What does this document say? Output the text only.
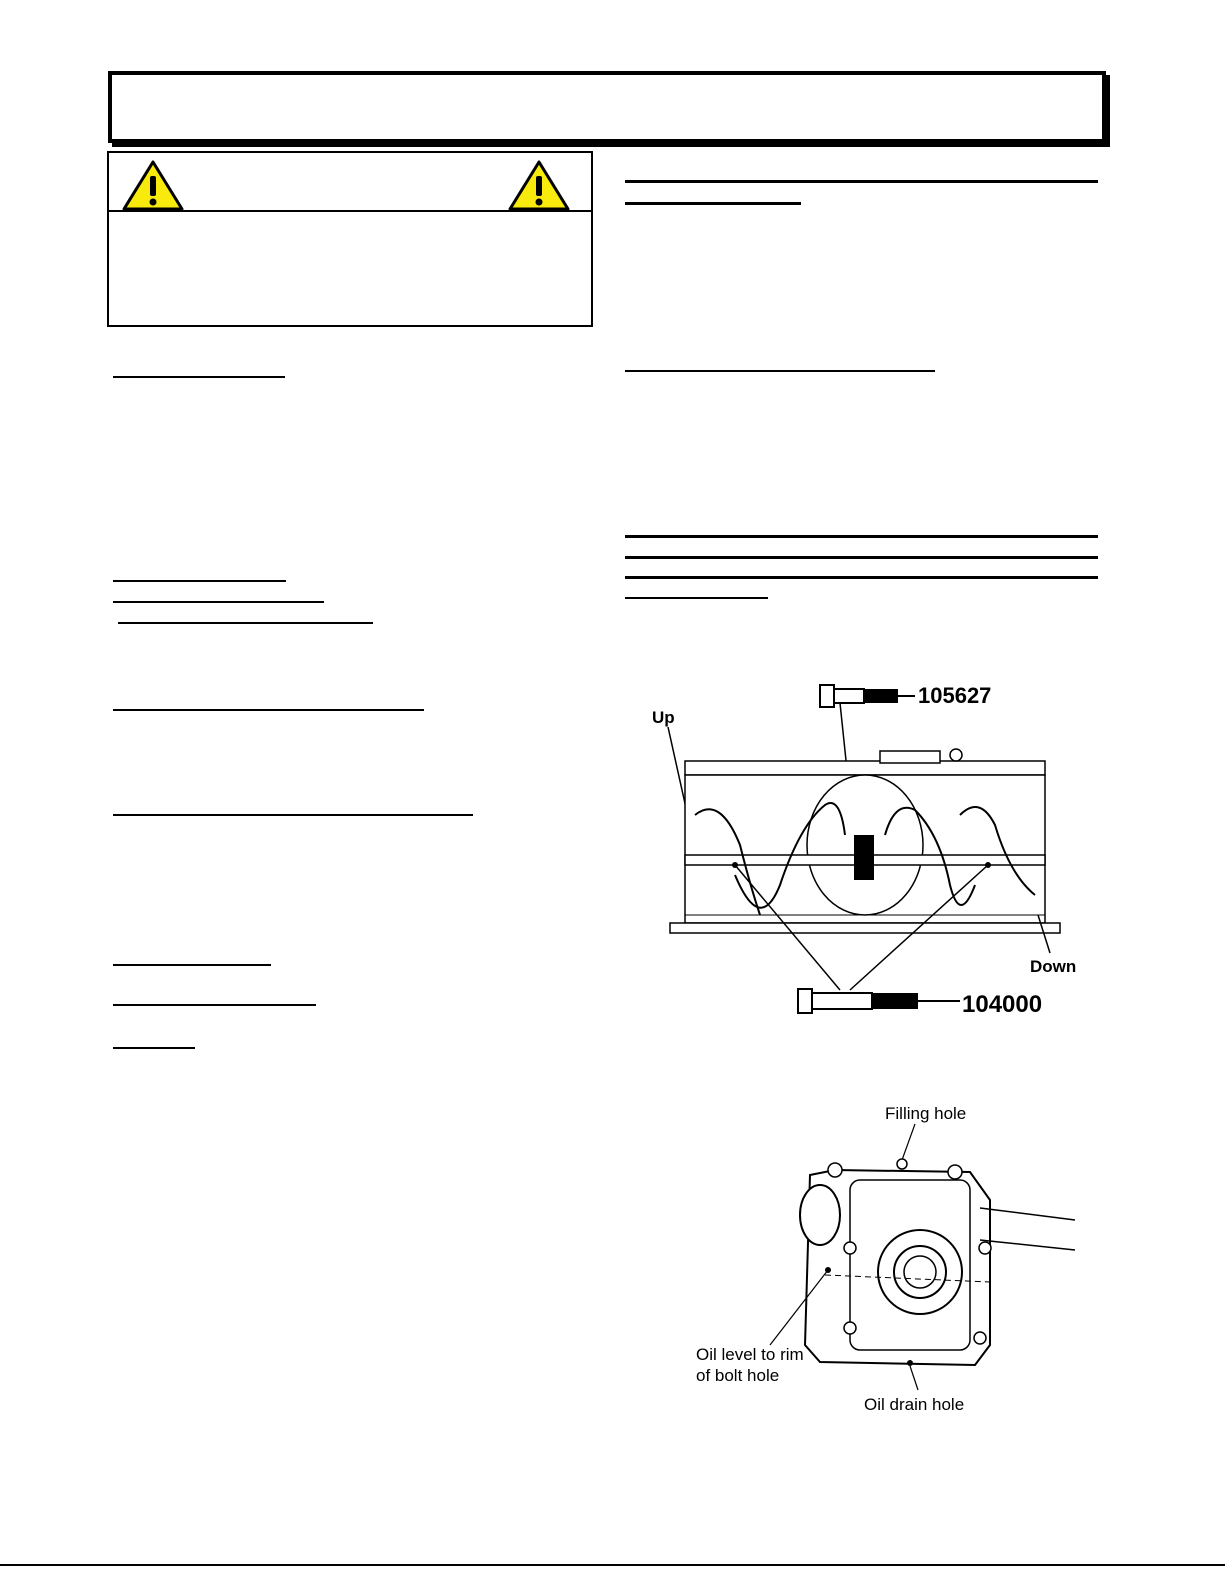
105627
Up
Down
104000
Filling hole
Oil level to rim
of bolt hole
Oil drain hole
